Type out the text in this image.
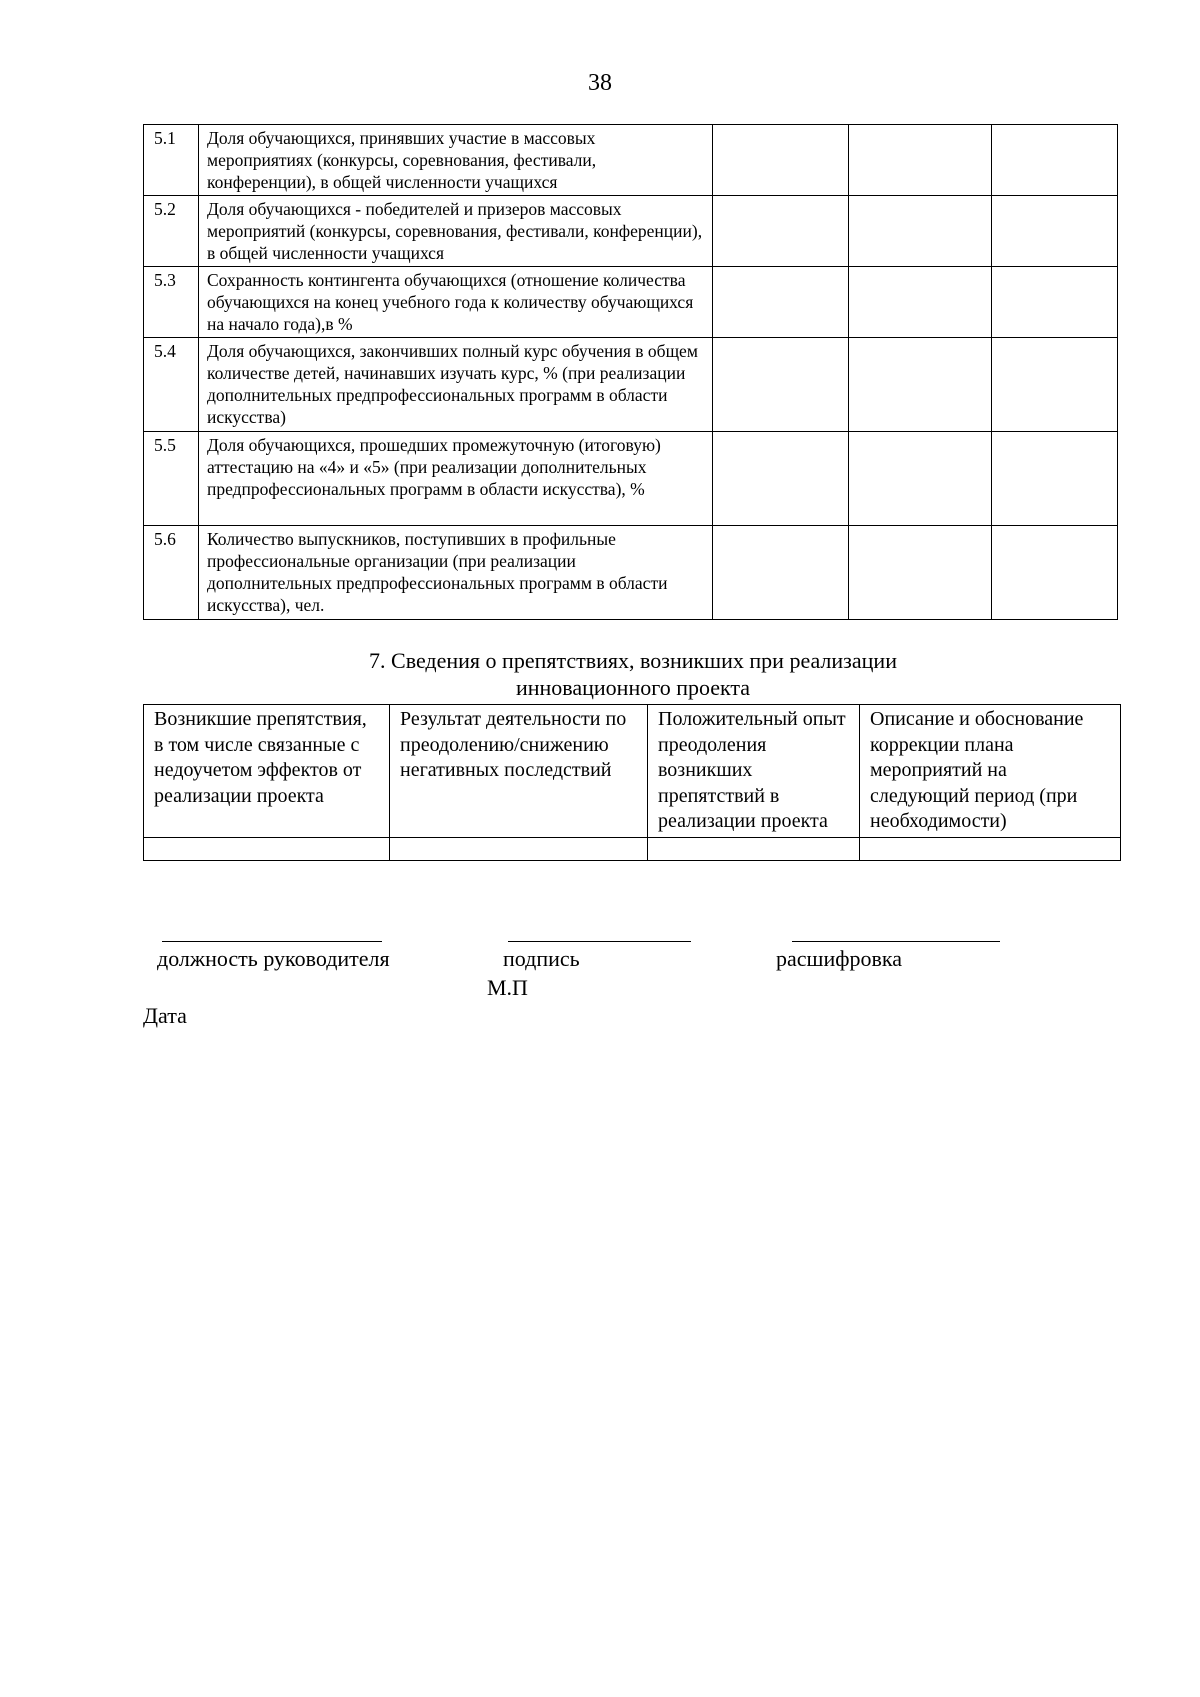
38
5.1	Доля обучающихся, принявших участие в массовых мероприятиях (конкурсы, соревнования, фестивали, конференции), в общей численности учащихся			
5.2	Доля обучающихся - победителей и призеров массовых мероприятий (конкурсы, соревнования, фестивали, конференции), в общей численности учащихся			
5.3	Сохранность контингента обучающихся (отношение количества обучающихся на конец учебного года к количеству обучающихся на начало года),в %			
5.4	Доля обучающихся, закончивших полный курс обучения в общем количестве детей, начинавших изучать курс, % (при реализации дополнительных предпрофессиональных программ в области искусства)			
5.5	Доля обучающихся, прошедших промежуточную (итоговую) аттестацию на «4» и «5» (при реализации дополнительных предпрофессиональных программ в области искусства), %			
5.6	Количество выпускников, поступивших в профильные профессиональные организации (при реализации дополнительных предпрофессиональных программ в области искусства), чел.			
7. Сведения о препятствиях, возникших при реализации
инновационного проекта
Возникшие препятствия, в том числе связанные с недоучетом эффектов от реализации проекта	Результат деятельности по преодолению/снижению негативных последствий	Положительный опыт преодоления возникших препятствий в реализации проекта	Описание и обоснование коррекции плана мероприятий на следующий период (при необходимости)

должность руководителя	подпись	расшифровка
М.П
Дата
